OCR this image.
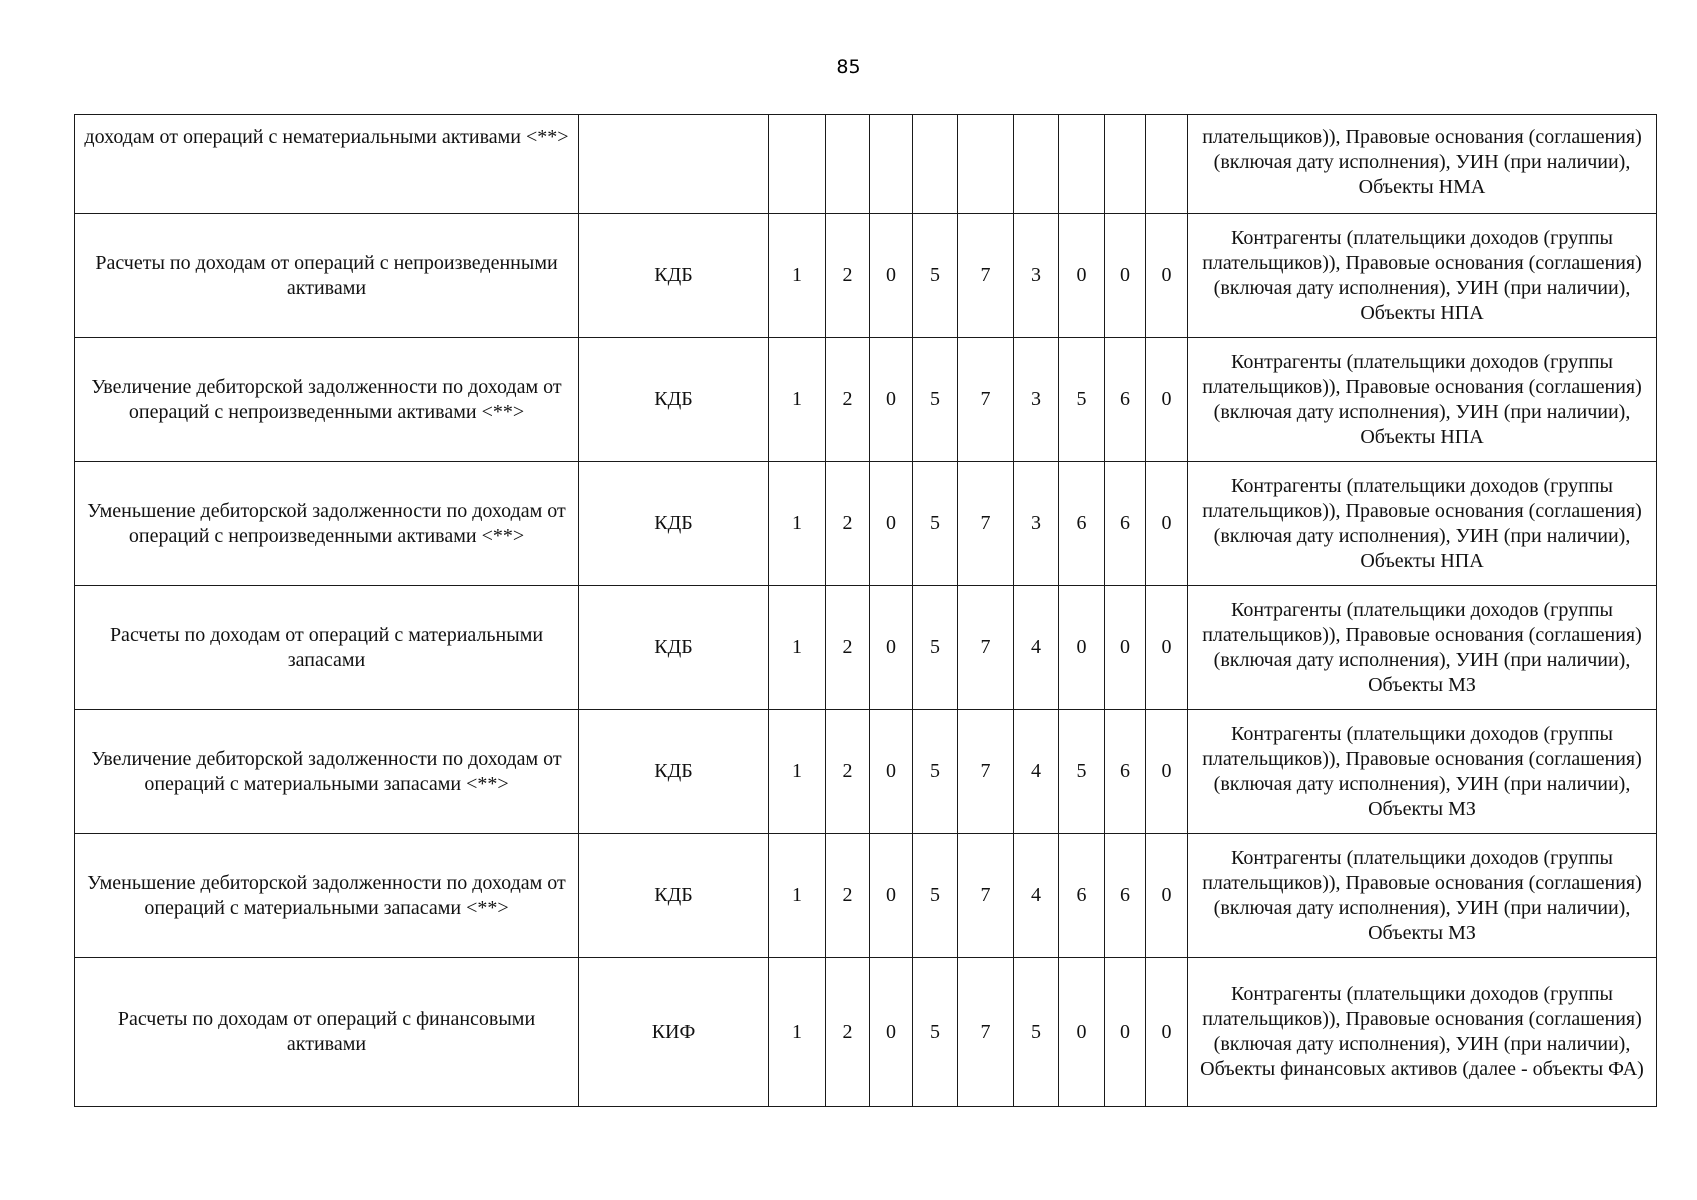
85
доходам от операций с нематериальными активами <**>											плательщиков)), Правовые основания (соглашения) (включая дату исполнения), УИН (при наличии), Объекты НМА
Расчеты по доходам от операций с непроизведенными активами	КДБ	1	2	0	5	7	3	0	0	0	Контрагенты (плательщики доходов (группы плательщиков)), Правовые основания (соглашения) (включая дату исполнения), УИН (при наличии), Объекты НПА
Увеличение дебиторской задолженности по доходам от операций с непроизведенными активами <**>	КДБ	1	2	0	5	7	3	5	6	0	Контрагенты (плательщики доходов (группы плательщиков)), Правовые основания (соглашения) (включая дату исполнения), УИН (при наличии), Объекты НПА
Уменьшение дебиторской задолженности по доходам от операций с непроизведенными активами <**>	КДБ	1	2	0	5	7	3	6	6	0	Контрагенты (плательщики доходов (группы плательщиков)), Правовые основания (соглашения) (включая дату исполнения), УИН (при наличии), Объекты НПА
Расчеты по доходам от операций с материальными запасами	КДБ	1	2	0	5	7	4	0	0	0	Контрагенты (плательщики доходов (группы плательщиков)), Правовые основания (соглашения) (включая дату исполнения), УИН (при наличии), Объекты МЗ
Увеличение дебиторской задолженности по доходам от операций с материальными запасами <**>	КДБ	1	2	0	5	7	4	5	6	0	Контрагенты (плательщики доходов (группы плательщиков)), Правовые основания (соглашения) (включая дату исполнения), УИН (при наличии), Объекты МЗ
Уменьшение дебиторской задолженности по доходам от операций с материальными запасами <**>	КДБ	1	2	0	5	7	4	6	6	0	Контрагенты (плательщики доходов (группы плательщиков)), Правовые основания (соглашения) (включая дату исполнения), УИН (при наличии), Объекты МЗ
Расчеты по доходам от операций с финансовыми активами	КИФ	1	2	0	5	7	5	0	0	0	Контрагенты (плательщики доходов (группы плательщиков)), Правовые основания (соглашения) (включая дату исполнения), УИН (при наличии), Объекты финансовых активов (далее - объекты ФА)
